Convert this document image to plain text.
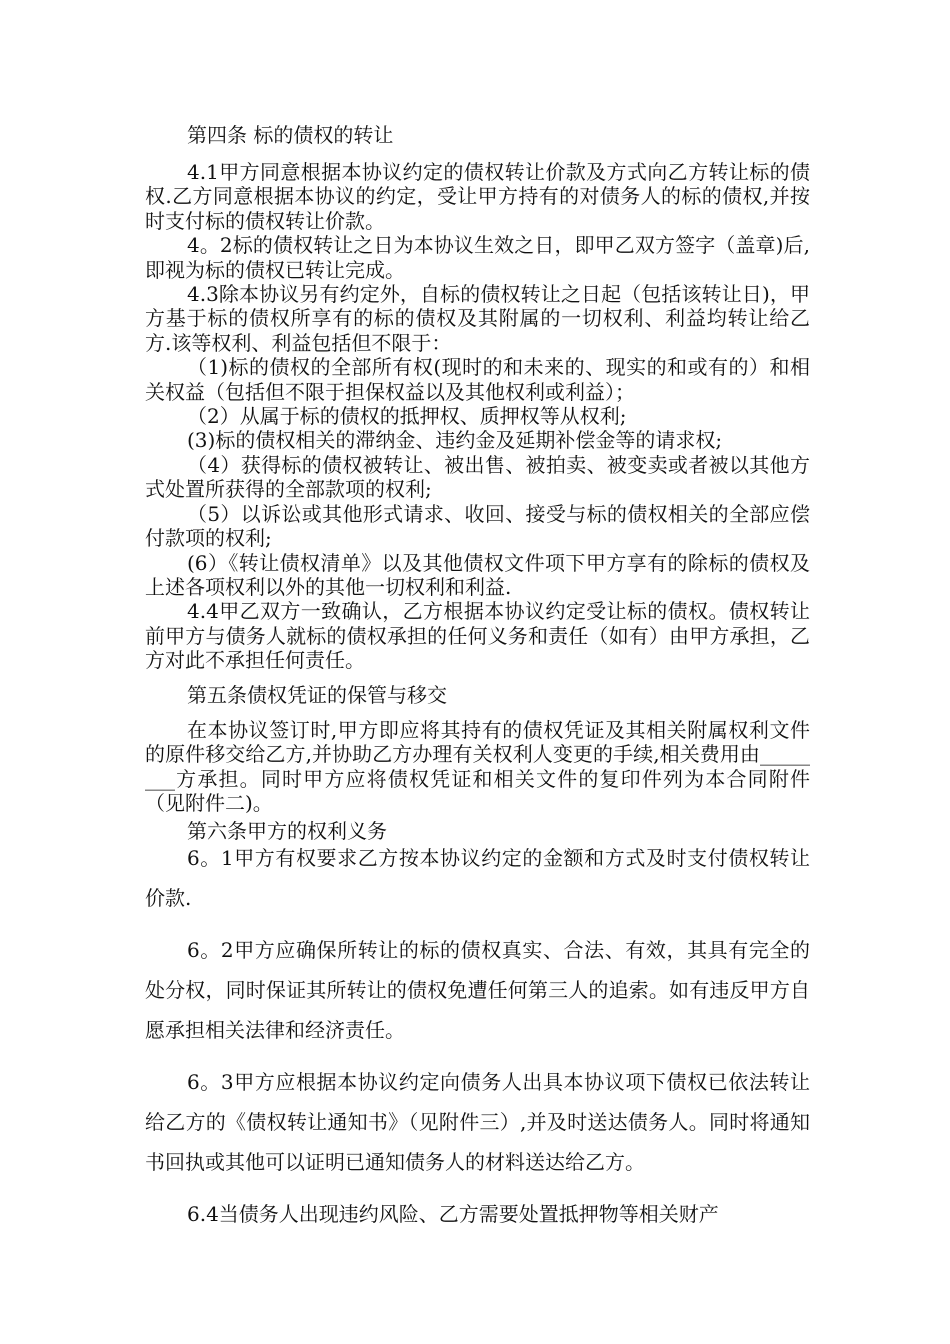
第四条 标的债权的转让

4.1甲方同意根据本协议约定的债权转让价款及方式向乙方转让标的债权.乙方同意根据本协议的约定，受让甲方持有的对债务人的标的债权,并按时支付标的债权转让价款。

4。2标的债权转让之日为本协议生效之日，即甲乙双方签字（盖章)后,即视为标的债权已转让完成。

4.3除本协议另有约定外，自标的债权转让之日起（包括该转让日)，甲方基于标的债权所享有的标的债权及其附属的一切权利、利益均转让给乙方.该等权利、利益包括但不限于：

（1)标的债权的全部所有权(现时的和未来的、现实的和或有的）和相关权益（包括但不限于担保权益以及其他权利或利益）；

（2）从属于标的债权的抵押权、质押权等从权利;

(3)标的债权相关的滞纳金、违约金及延期补偿金等的请求权;

（4）获得标的债权被转让、被出售、被拍卖、被变卖或者被以其他方式处置所获得的全部款项的权利;

（5）以诉讼或其他形式请求、收回、接受与标的债权相关的全部应偿付款项的权利;

(6）《转让债权清单》以及其他债权文件项下甲方享有的除标的债权及上述各项权利以外的其他一切权利和利益.

4.4甲乙双方一致确认，乙方根据本协议约定受让标的债权。债权转让前甲方与债务人就标的债权承担的任何义务和责任（如有）由甲方承担，乙方对此不承担任何责任。

第五条债权凭证的保管与移交

在本协议签订时,甲方即应将其持有的债权凭证及其相关附属权利文件的原件移交给乙方,并协助乙方办理有关权利人变更的手续,相关费用由________方承担。同时甲方应将债权凭证和相关文件的复印件列为本合同附件（见附件二)。

第六条甲方的权利义务

6。1甲方有权要求乙方按本协议约定的金额和方式及时支付债权转让价款.

6。2甲方应确保所转让的标的债权真实、合法、有效，其具有完全的处分权，同时保证其所转让的债权免遭任何第三人的追索。如有违反甲方自愿承担相关法律和经济责任。

6。3甲方应根据本协议约定向债务人出具本协议项下债权已依法转让给乙方的《债权转让通知书》（见附件三）,并及时送达债务人。同时将通知书回执或其他可以证明已通知债务人的材料送达给乙方。

6.4当债务人出现违约风险、乙方需要处置抵押物等相关财产
